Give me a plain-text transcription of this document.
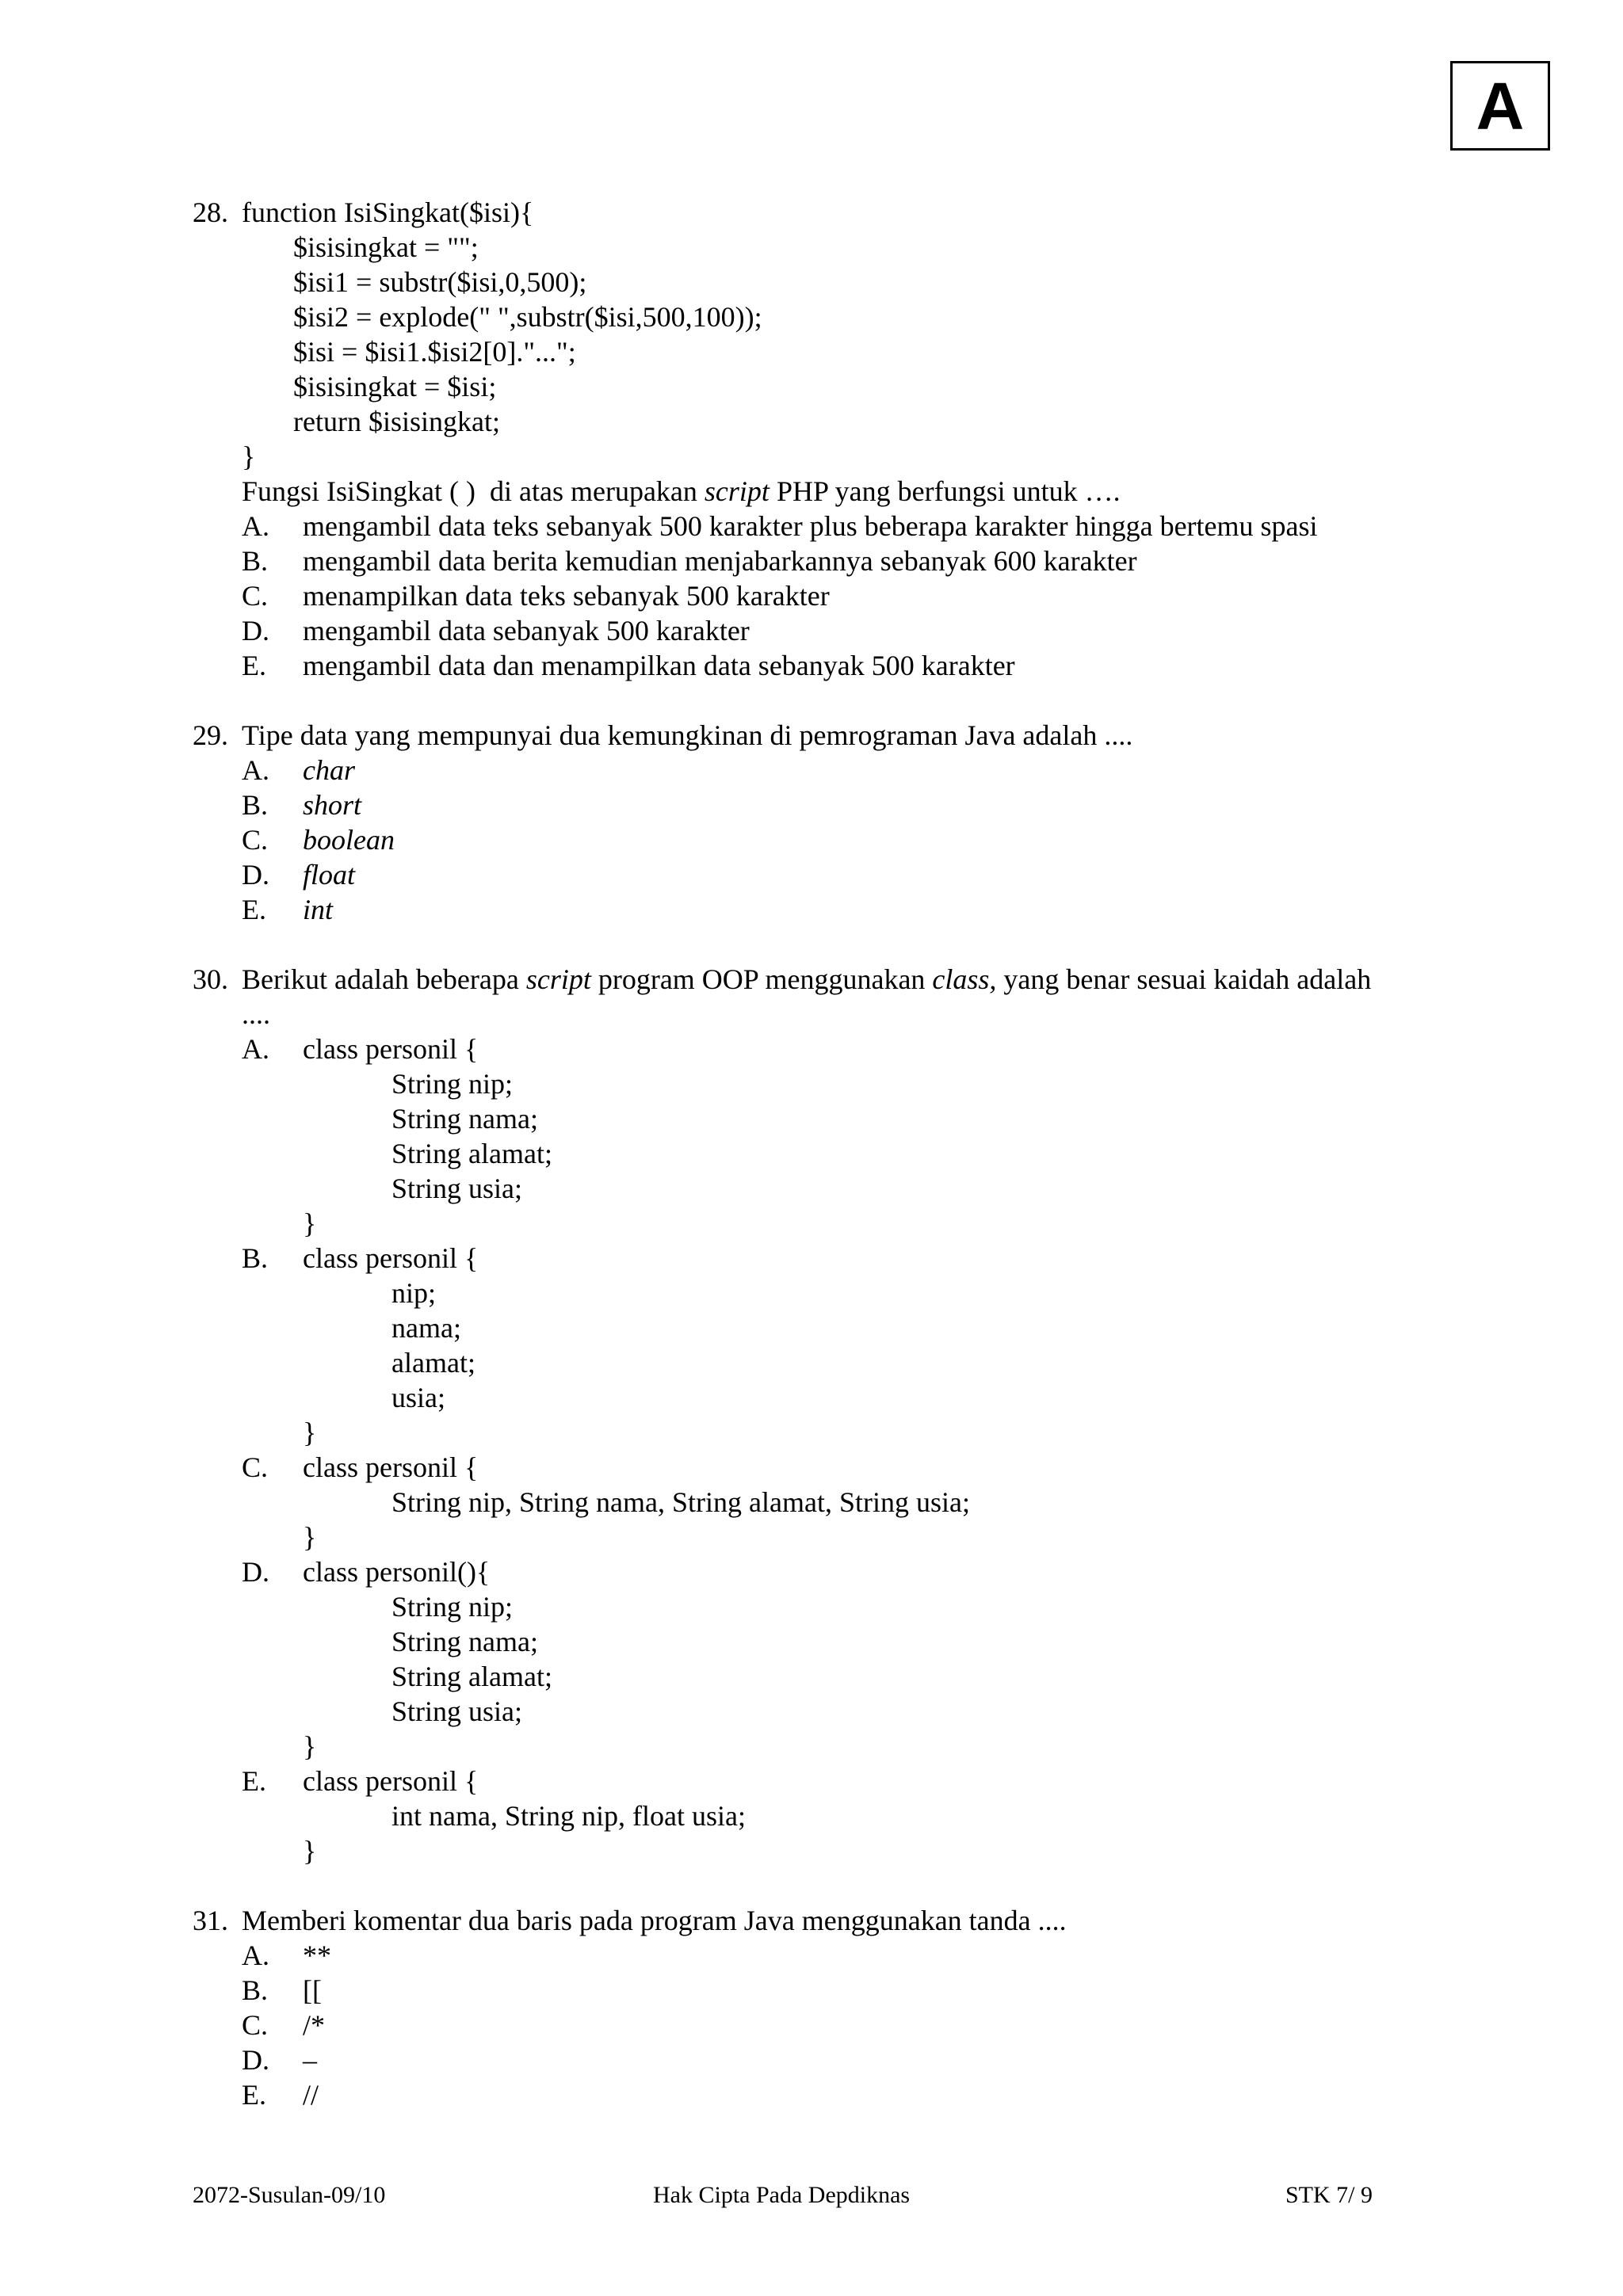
A
28. function IsiSingkat($isi){
$isisingkat = "";
$isi1 = substr($isi,0,500);
$isi2 = explode(" ",substr($isi,500,100));
$isi = $isi1.$isi2[0]."...";
$isisingkat = $isi;
return $isisingkat;
}
Fungsi IsiSingkat ( )  di atas merupakan script PHP yang berfungsi untuk ….
A. mengambil data teks sebanyak 500 karakter plus beberapa karakter hingga bertemu spasi
B. mengambil data berita kemudian menjabarkannya sebanyak 600 karakter
C. menampilkan data teks sebanyak 500 karakter
D. mengambil data sebanyak 500 karakter
E. mengambil data dan menampilkan data sebanyak 500 karakter
29. Tipe data yang mempunyai dua kemungkinan di pemrograman Java adalah ....
A. char
B. short
C. boolean
D. float
E. int
30. Berikut adalah beberapa script program OOP menggunakan class, yang benar sesuai kaidah adalah
....
A. class personil {
String nip;
String nama;
String alamat;
String usia;
}
B. class personil {
nip;
nama;
alamat;
usia;
}
C. class personil {
String nip, String nama, String alamat, String usia;
}
D. class personil(){
String nip;
String nama;
String alamat;
String usia;
}
E. class personil {
int nama, String nip, float usia;
}
31. Memberi komentar dua baris pada program Java menggunakan tanda ....
A. **
B. [[
C. /*
D. –
E. //
2072-Susulan-09/10	Hak Cipta Pada Depdiknas	STK 7/ 9
